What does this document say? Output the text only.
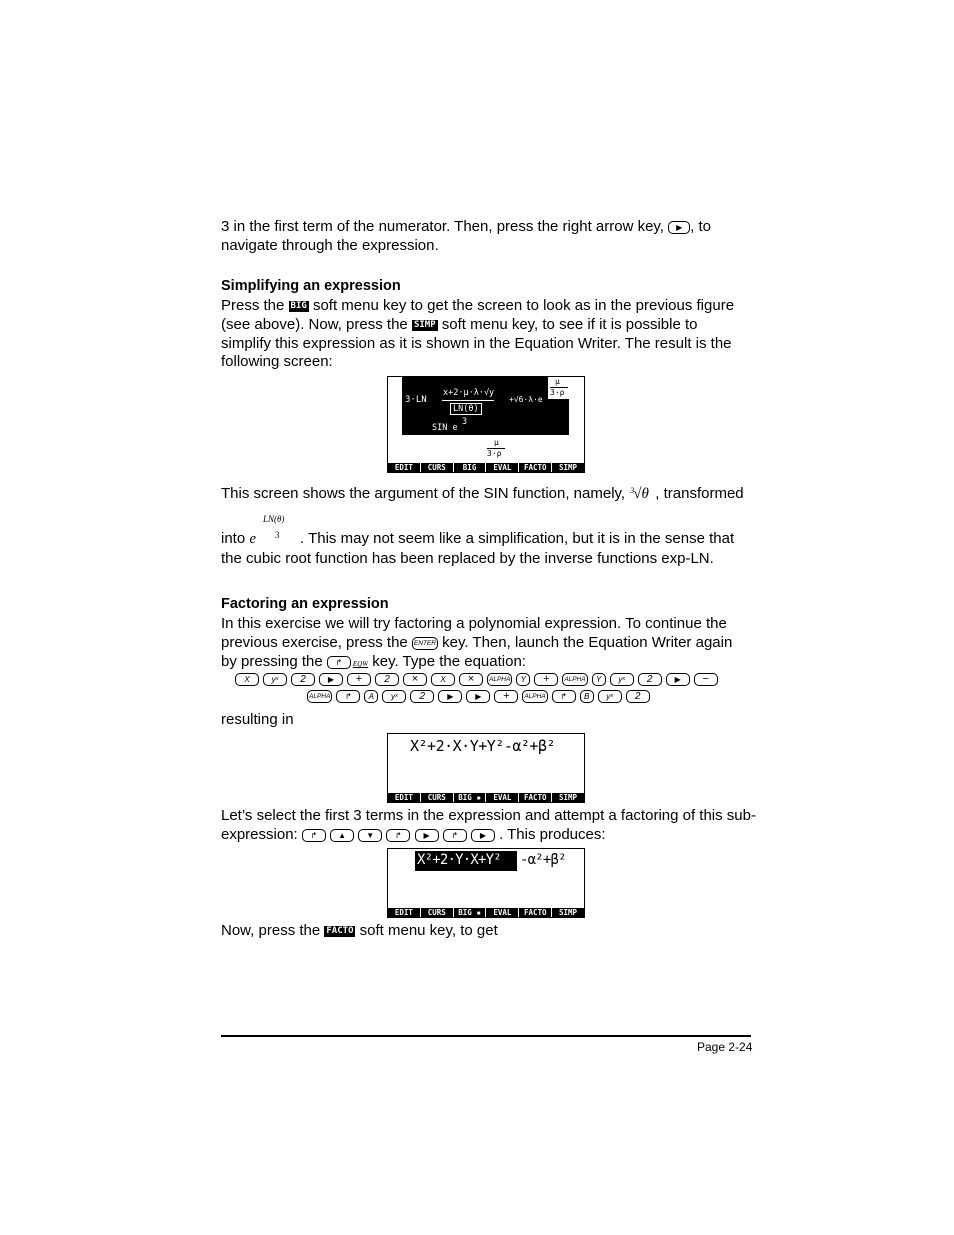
3 in the first term of the numerator. Then, press the right arrow key, ▶ , to
navigate through the expression.
Simplifying an expression
Press the BIG soft menu key to get the screen to look as in the previous figure
(see above). Now, press the SIMP soft menu key, to see if it is possible to
simplify this expression as it is shown in the Equation Writer. The result is the
following screen:
3·LN
x+2·μ·λ·√y
LN(θ)
3
SIN e
+√6·λ·e
μ
3·ρ
μ
3·ρ
EDIT	CURS	BIG	EVAL	FACTO	SIMP
This screen shows the argument of the SIN function, namely, 3 √θ , transformed
LN(θ)
3
into e	. This may not seem like a simplification, but it is in the sense that
the cubic root function has been replaced by the inverse functions exp-LN.
Factoring an expression
In this exercise we will try factoring a polynomial expression. To continue the
previous exercise, press the ENTER key. Then, launch the Equation Writer again
by pressing the ↱ EQW key. Type the equation:
X	yˣ	2	▶	+	2	×	X	×	ALPHA	Y	+	ALPHA	Y	yˣ	2	▶	−
ALPHA	↱	A	yˣ	2	▶	▶	+	ALPHA	↱	B	yˣ	2
resulting in
X²+2·X·Y+Y²-α²+β²
EDIT	CURS	BIG ▪	EVAL	FACTO	SIMP
Let’s select the first 3 terms in the expression and attempt a factoring of this sub-
expression: ↱	▲	▼	↱	▶	↱	▶ . This produces:
X²+2·Y·X+Y² -α²+β²
EDIT	CURS	BIG ▪	EVAL	FACTO	SIMP
Now, press the FACTO soft menu key, to get
Page 2-24
